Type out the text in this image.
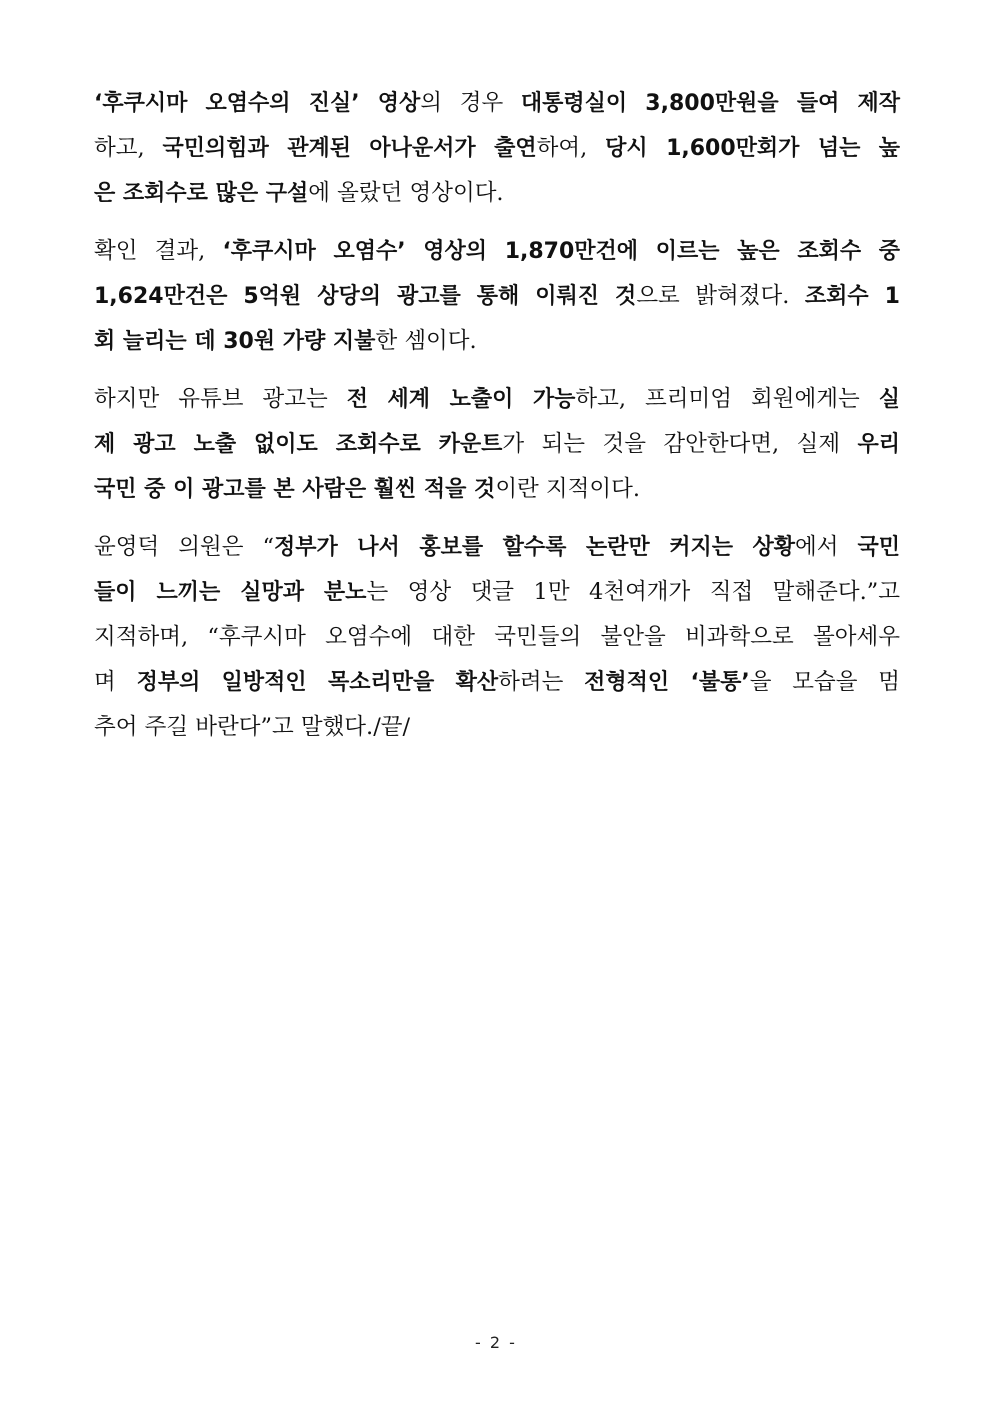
‘후쿠시마 오염수의 진실’ 영상의 경우 대통령실이 3,800만원을 들여 제작
하고, 국민의힘과 관계된 아나운서가 출연하여, 당시 1,600만회가 넘는 높
은 조회수로 많은 구설에 올랐던 영상이다.
확인 결과, ‘후쿠시마 오염수’ 영상의 1,870만건에 이르는 높은 조회수 중
1,624만건은 5억원 상당의 광고를 통해 이뤄진 것으로 밝혀졌다. 조회수 1
회 늘리는 데 30원 가량 지불한 셈이다.
하지만 유튜브 광고는 전 세계 노출이 가능하고, 프리미엄 회원에게는 실
제 광고 노출 없이도 조회수로 카운트가 되는 것을 감안한다면, 실제 우리
국민 중 이 광고를 본 사람은 훨씬 적을 것이란 지적이다.
윤영덕 의원은 “정부가 나서 홍보를 할수록 논란만 커지는 상황에서 국민
들이 느끼는 실망과 분노는 영상 댓글 1만 4천여개가 직접 말해준다.”고
지적하며, “후쿠시마 오염수에 대한 국민들의 불안을 비과학으로 몰아세우
며 정부의 일방적인 목소리만을 확산하려는 전형적인 ‘불통’을 모습을 멈
추어 주길 바란다”고 말했다./끝/
- 2 -
